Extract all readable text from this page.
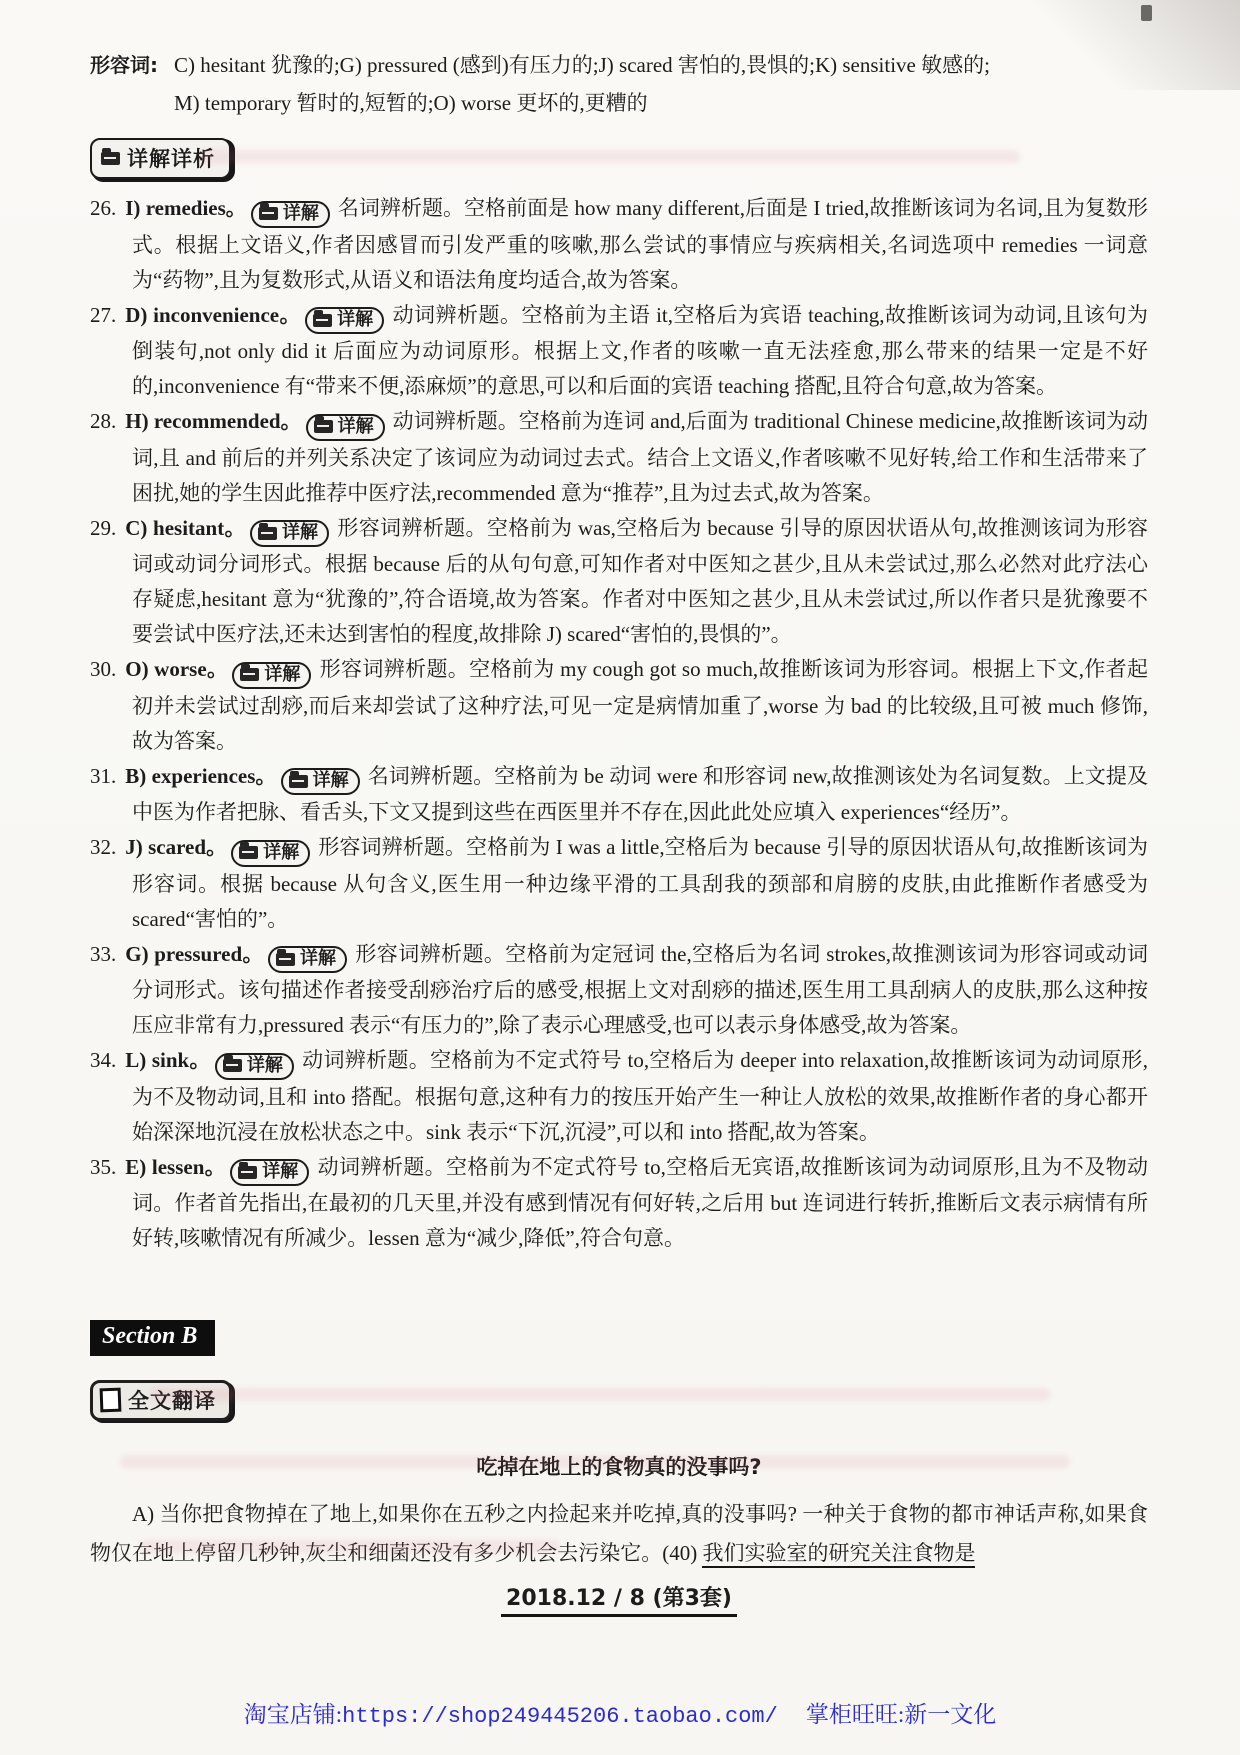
形容词: C) hesitant 犹豫的;G) pressured (感到)有压力的;J) scared 害怕的,畏惧的;K) sensitive 敏感的;
M) temporary 暂时的,短暂的;O) worse 更坏的,更糟的
详解详析
26. I) remedies。 详解 名词辨析题。空格前面是 how many different,后面是 I tried,故推断该词为名词,且为复数形式。根据上文语义,作者因感冒而引发严重的咳嗽,那么尝试的事情应与疾病相关,名词选项中 remedies 一词意为“药物”,且为复数形式,从语义和语法角度均适合,故为答案。
27. D) inconvenience。 详解 动词辨析题。空格前为主语 it,空格后为宾语 teaching,故推断该词为动词,且该句为倒装句,not only did it 后面应为动词原形。根据上文,作者的咳嗽一直无法痊愈,那么带来的结果一定是不好的,inconvenience 有“带来不便,添麻烦”的意思,可以和后面的宾语 teaching 搭配,且符合句意,故为答案。
28. H) recommended。 详解 动词辨析题。空格前为连词 and,后面为 traditional Chinese medicine,故推断该词为动词,且 and 前后的并列关系决定了该词应为动词过去式。结合上文语义,作者咳嗽不见好转,给工作和生活带来了困扰,她的学生因此推荐中医疗法,recommended 意为“推荐”,且为过去式,故为答案。
29. C) hesitant。 详解 形容词辨析题。空格前为 was,空格后为 because 引导的原因状语从句,故推测该词为形容词或动词分词形式。根据 because 后的从句句意,可知作者对中医知之甚少,且从未尝试过,那么必然对此疗法心存疑虑,hesitant 意为“犹豫的”,符合语境,故为答案。作者对中医知之甚少,且从未尝试过,所以作者只是犹豫要不要尝试中医疗法,还未达到害怕的程度,故排除 J) scared“害怕的,畏惧的”。
30. O) worse。 详解 形容词辨析题。空格前为 my cough got so much,故推断该词为形容词。根据上下文,作者起初并未尝试过刮痧,而后来却尝试了这种疗法,可见一定是病情加重了,worse 为 bad 的比较级,且可被 much 修饰,故为答案。
31. B) experiences。 详解 名词辨析题。空格前为 be 动词 were 和形容词 new,故推测该处为名词复数。上文提及中医为作者把脉、看舌头,下文又提到这些在西医里并不存在,因此此处应填入 experiences“经历”。
32. J) scared。 详解 形容词辨析题。空格前为 I was a little,空格后为 because 引导的原因状语从句,故推断该词为形容词。根据 because 从句含义,医生用一种边缘平滑的工具刮我的颈部和肩膀的皮肤,由此推断作者感受为 scared“害怕的”。
33. G) pressured。 详解 形容词辨析题。空格前为定冠词 the,空格后为名词 strokes,故推测该词为形容词或动词分词形式。该句描述作者接受刮痧治疗后的感受,根据上文对刮痧的描述,医生用工具刮病人的皮肤,那么这种按压应非常有力,pressured 表示“有压力的”,除了表示心理感受,也可以表示身体感受,故为答案。
34. L) sink。 详解 动词辨析题。空格前为不定式符号 to,空格后为 deeper into relaxation,故推断该词为动词原形,为不及物动词,且和 into 搭配。根据句意,这种有力的按压开始产生一种让人放松的效果,故推断作者的身心都开始深深地沉浸在放松状态之中。sink 表示“下沉,沉浸”,可以和 into 搭配,故为答案。
35. E) lessen。 详解 动词辨析题。空格前为不定式符号 to,空格后无宾语,故推断该词为动词原形,且为不及物动词。作者首先指出,在最初的几天里,并没有感到情况有何好转,之后用 but 连词进行转折,推断后文表示病情有所好转,咳嗽情况有所减少。lessen 意为“减少,降低”,符合句意。
Section B
全文翻译
吃掉在地上的食物真的没事吗?
A) 当你把食物掉在了地上,如果你在五秒之内捡起来并吃掉,真的没事吗? 一种关于食物的都市神话声称,如果食物仅在地上停留几秒钟,灰尘和细菌还没有多少机会去污染它。(40) 我们实验室的研究关注食物是
2018.12 / 8 (第3套)
淘宝店铺:https://shop249445206.taobao.com/ 掌柜旺旺:新一文化
